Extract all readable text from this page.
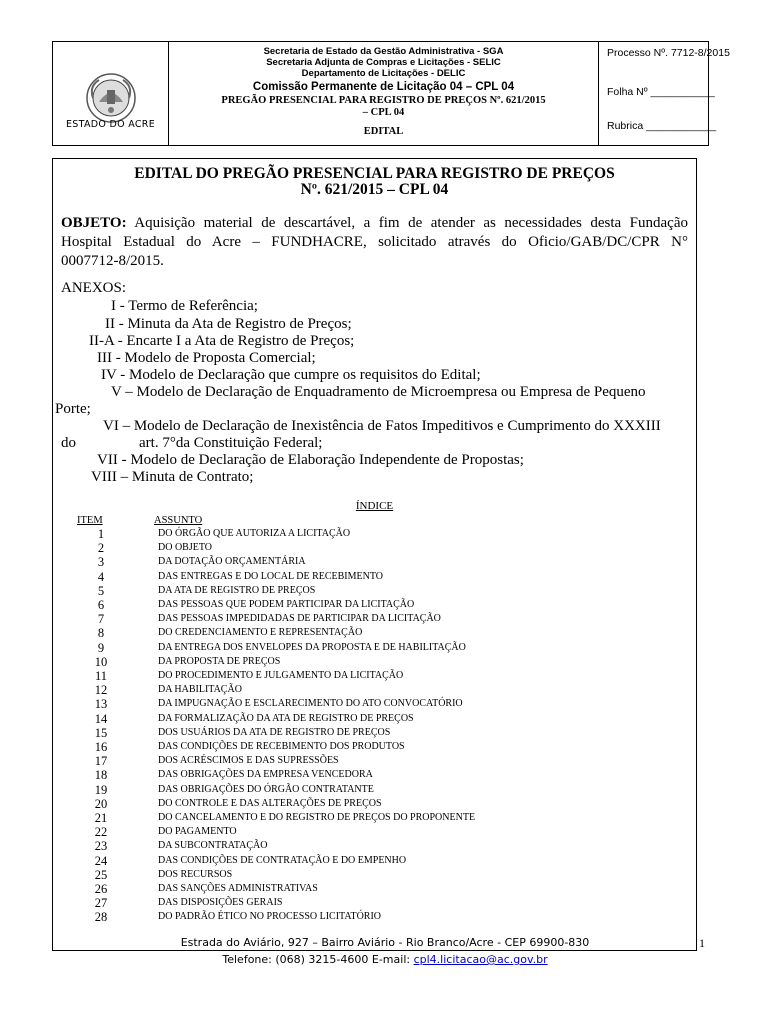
ESTADO DO ACRE
Secretaria de Estado da Gestão Administrativa - SGA
Secretaria Adjunta de Compras e Licitações - SELIC
Departamento de Licitações - DELIC
Comissão Permanente de Licitação 04 – CPL 04
PREGÃO PRESENCIAL PARA REGISTRO DE PREÇOS Nº. 621/2015
– CPL 04
EDITAL
Processo Nº. 7712-8/2015
Folha Nº ___________
Rubrica ____________
EDITAL DO PREGÃO PRESENCIAL PARA REGISTRO DE PREÇOS
Nº. 621/2015 – CPL 04
OBJETO: Aquisição material de descartável, a fim de atender as necessidades desta Fundação
Hospital Estadual do Acre – FUNDHACRE, solicitado através do Oficio/GAB/DC/CPR N°
0007712-8/2015.
ANEXOS:
I - Termo de Referência;
II - Minuta da Ata de Registro de Preços;
II-A - Encarte I a Ata de Registro de Preços;
III - Modelo de Proposta Comercial;
IV - Modelo de Declaração que cumpre os requisitos do Edital;
V – Modelo de Declaração de Enquadramento de Microempresa ou Empresa de Pequeno
Porte;
VI – Modelo de Declaração de Inexistência de Fatos Impeditivos e Cumprimento do XXXIII
do	art. 7°da Constituição Federal;
VII - Modelo de Declaração de Elaboração Independente de Propostas;
VIII – Minuta de Contrato;
ÍNDICE
ITEM	ASSUNTO
1	DO ÓRGÃO QUE AUTORIZA A LICITAÇÃO
2	DO OBJETO
3	DA DOTAÇÃO ORÇAMENTÁRIA
4	DAS ENTREGAS E DO LOCAL DE RECEBIMENTO
5	DA ATA DE REGISTRO DE PREÇOS
6	DAS PESSOAS QUE PODEM PARTICIPAR DA LICITAÇÃO
7	DAS PESSOAS IMPEDIDADAS DE PARTICIPAR DA LICITAÇÃO
8	DO CREDENCIAMENTO E REPRESENTAÇÃO
9	DA ENTREGA DOS ENVELOPES DA PROPOSTA E DE HABILITAÇÃO
10	DA PROPOSTA DE PREÇOS
11	DO PROCEDIMENTO E JULGAMENTO DA LICITAÇÃO
12	DA HABILITAÇÃO
13	DA IMPUGNAÇÃO E ESCLARECIMENTO DO ATO CONVOCATÓRIO
14	DA FORMALIZAÇÃO DA ATA DE REGISTRO DE PREÇOS
15	DOS USUÁRIOS DA ATA DE REGISTRO DE PREÇOS
16	DAS CONDIÇÕES DE RECEBIMENTO DOS PRODUTOS
17	DOS ACRÉSCIMOS E DAS SUPRESSÕES
18	DAS OBRIGAÇÕES DA EMPRESA VENCEDORA
19	DAS OBRIGAÇÕES DO ÓRGÃO CONTRATANTE
20	DO CONTROLE E DAS ALTERAÇÕES DE PREÇOS
21	DO CANCELAMENTO E DO REGISTRO DE PREÇOS DO PROPONENTE
22	DO PAGAMENTO
23	DA SUBCONTRATAÇÃO
24	DAS CONDIÇÕES DE CONTRATAÇÃO E DO EMPENHO
25	DOS RECURSOS
26	DAS SANÇÕES ADMINISTRATIVAS
27	DAS DISPOSIÇÕES GERAIS
28	DO PADRÃO ÉTICO NO PROCESSO LICITATÓRIO
1
Estrada do Aviário, 927 – Bairro Aviário - Rio Branco/Acre - CEP 69900-830
Telefone: (068) 3215-4600 E-mail: cpl4.licitacao@ac.gov.br
